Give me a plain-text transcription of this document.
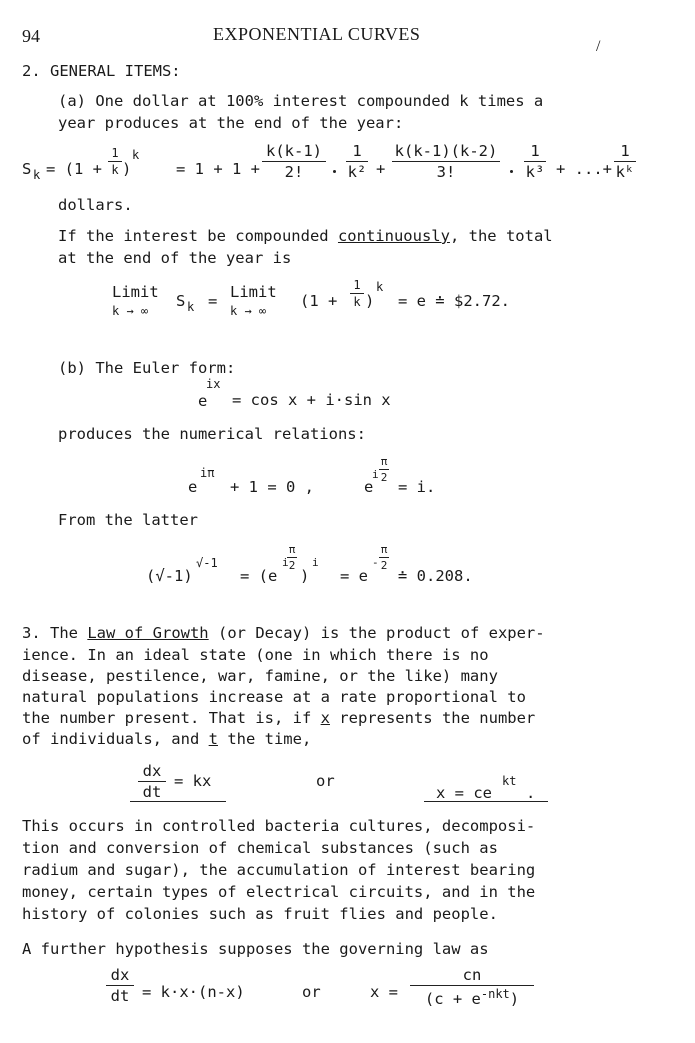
94	EXPONENTIAL CURVES
/
2. GENERAL ITEMS:
(a) One dollar at 100% interest compounded k times a
year produces at the end of the year:
S k = (1 +
1
k )
k
= 1 + 1 +
k(k-1)
2!
1
k² +
k(k-1)(k-2)
3!
1
k³ + ...+
1
kᵏ
dollars.
If the interest be compounded continuously, the total
at the end of the year is
Limit
k → ∞
S k = Limit
k → ∞
(1 +
1
k )
k
= e ≐ $2.72.
(b) The Euler form:
e
ix
= cos x + i·sin x
produces the numerical relations:
e
iπ
+ 1 = 0 ,	e
i
π
2
= i.
From the latter
(√-1)
√-1
= (e
i
π
2
)
i
= e
-
π
2
≐ 0.208.
3. The Law of Growth (or Decay) is the product of exper-
ience. In an ideal state (one in which there is no
disease, pestilence, war, famine, or the like) many
natural populations increase at a rate proportional to
the number present. That is, if x represents the number
of individuals, and t the time,
dx
dt
= kx	or
x = ce
kt
.
This occurs in controlled bacteria cultures, decomposi-
tion and conversion of chemical substances (such as
radium and sugar), the accumulation of interest bearing
money, certain types of electrical circuits, and in the
history of colonies such as fruit flies and people.
A further hypothesis supposes the governing law as
dx
dt = k·x·(n-x)	or	x =
cn
$(c + e^{-nkt})$
